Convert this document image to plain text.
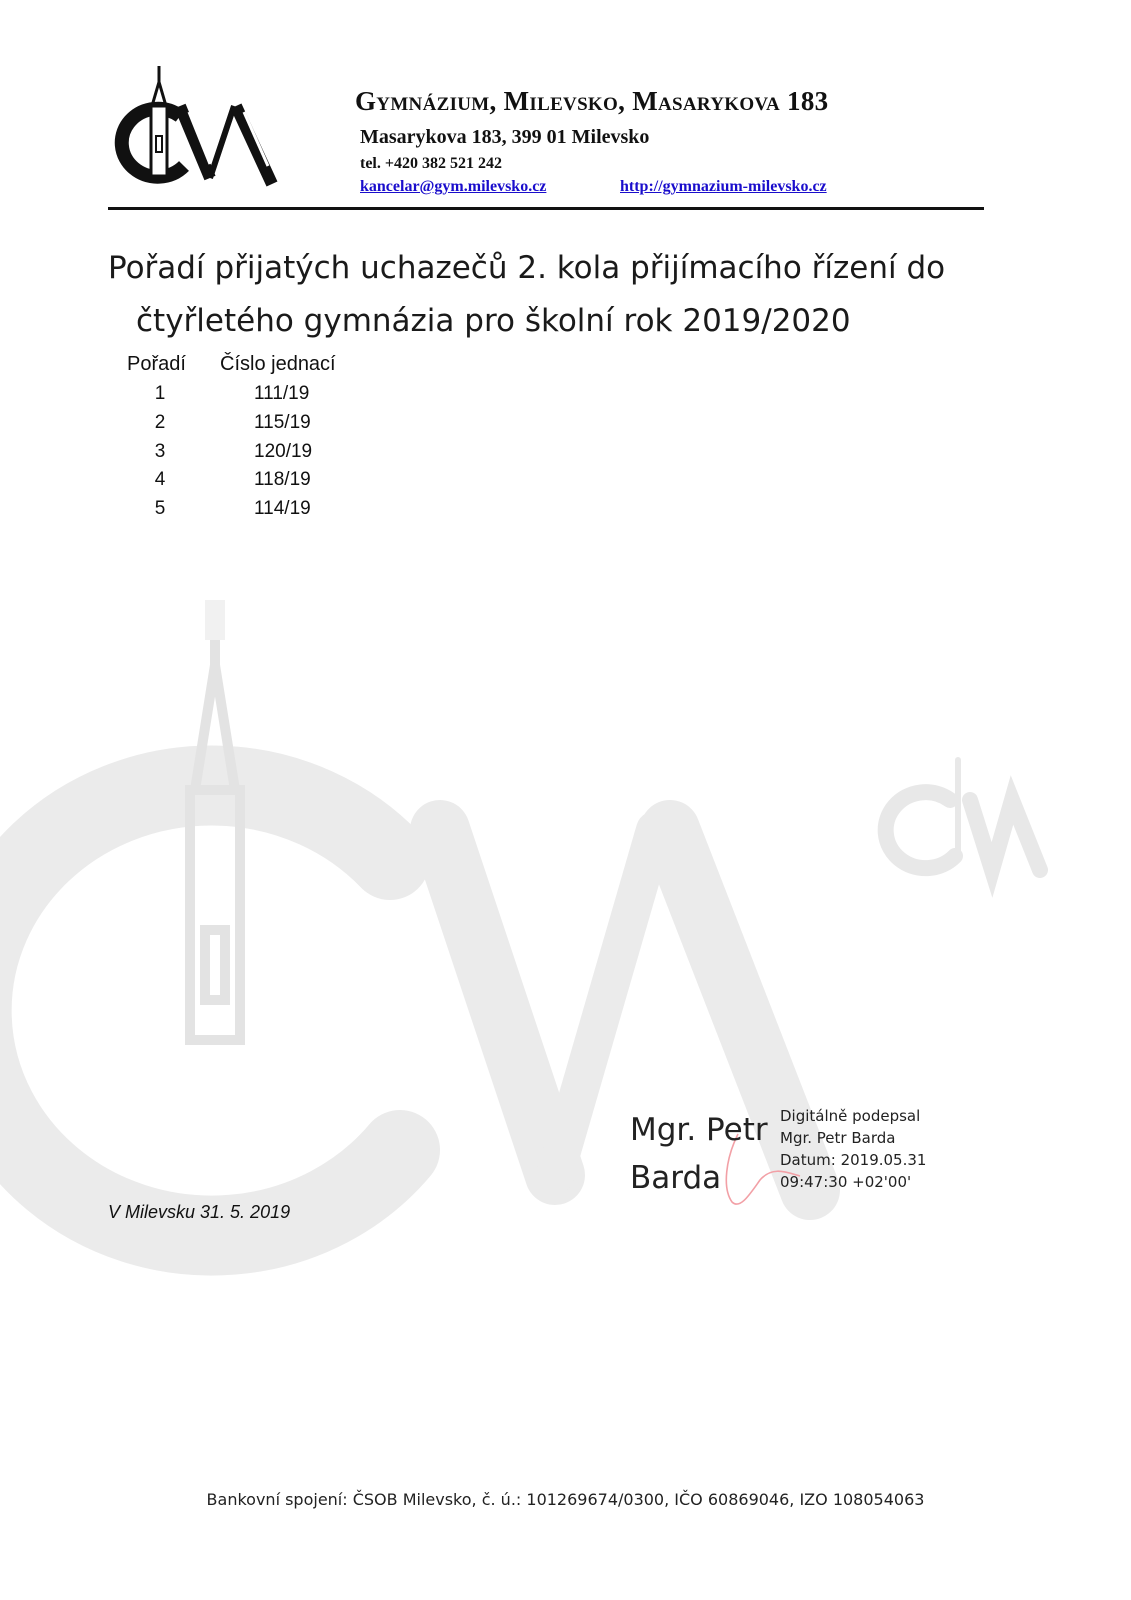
Gymnázium, Milevsko, Masarykova 183
Masarykova 183, 399 01 Milevsko
tel. +420 382 521 242
kancelar@gym.milevsko.cz	http://gymnazium-milevsko.cz
Pořadí přijatých uchazečů 2. kola přijímacího řízení do
čtyřletého gymnázia pro školní rok 2019/2020
Pořadí Číslo jednací
1	111/19
2	115/19
3	120/19
4	118/19
5	114/19
Mgr. Petr
Barda
Digitálně podepsal
Mgr. Petr Barda
Datum: 2019.05.31
09:47:30 +02'00'
V Milevsku 31. 5. 2019
Bankovní spojení: ČSOB Milevsko, č. ú.: 101269674/0300, IČO 60869046, IZO 108054063
